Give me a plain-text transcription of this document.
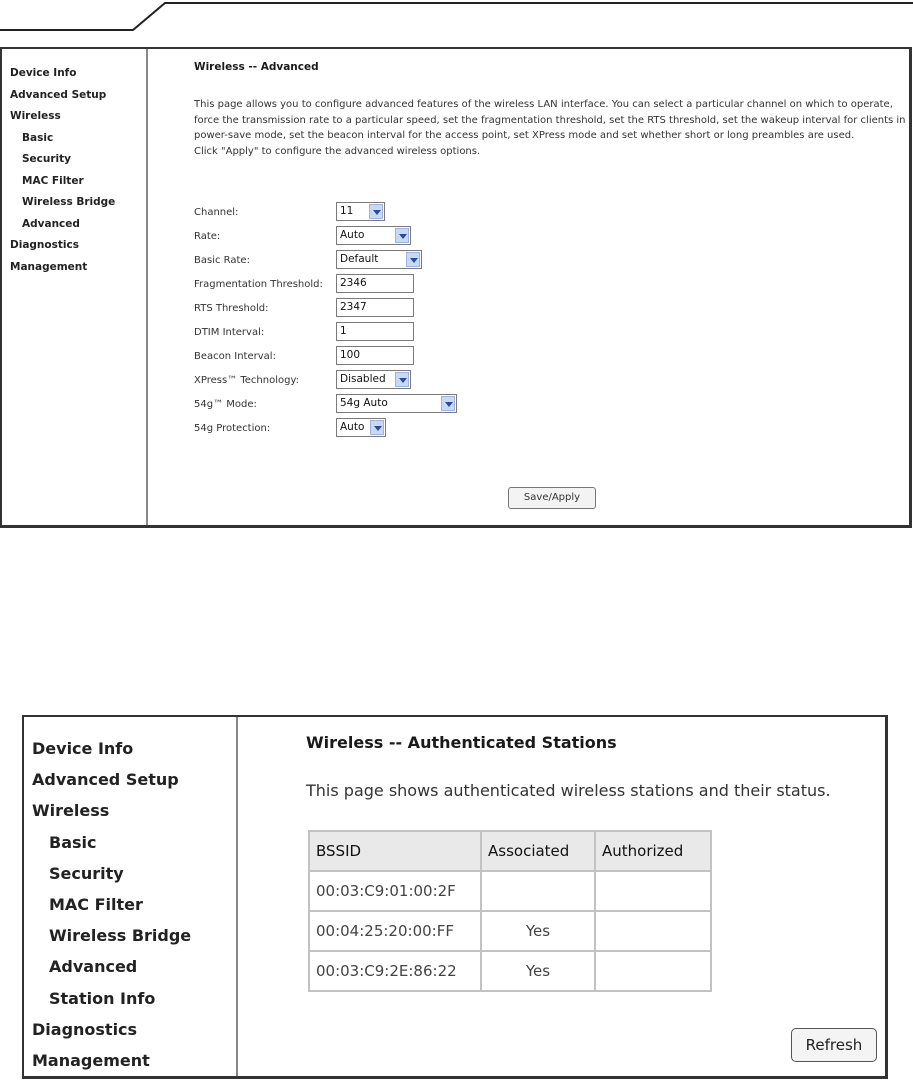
Device Info
Advanced Setup
Wireless
Basic
Security
MAC Filter
Wireless Bridge
Advanced
Diagnostics
Management
Wireless -- Advanced
This page allows you to configure advanced features of the wireless LAN interface. You can select a particular channel on which to operate, force the transmission rate to a particular speed, set the fragmentation threshold, set the RTS threshold, set the wakeup interval for clients in power-save mode, set the beacon interval for the access point, set XPress mode and set whether short or long preambles are used.
Click "Apply" to configure the advanced wireless options.
Channel:	11
Rate:	Auto
Basic Rate:	Default
Fragmentation Threshold:	2346
RTS Threshold:	2347
DTIM Interval:	1
Beacon Interval:	100
XPress™ Technology:	Disabled
54g™ Mode:	54g Auto
54g Protection:	Auto
Save/Apply
Device Info
Advanced Setup
Wireless
Basic
Security
MAC Filter
Wireless Bridge
Advanced
Station Info
Diagnostics
Management
Wireless -- Authenticated Stations
This page shows authenticated wireless stations and their status.
BSSID	Associated	Authorized
00:03:C9:01:00:2F		
00:04:25:20:00:FF	Yes	
00:03:C9:2E:86:22	Yes	
Refresh
